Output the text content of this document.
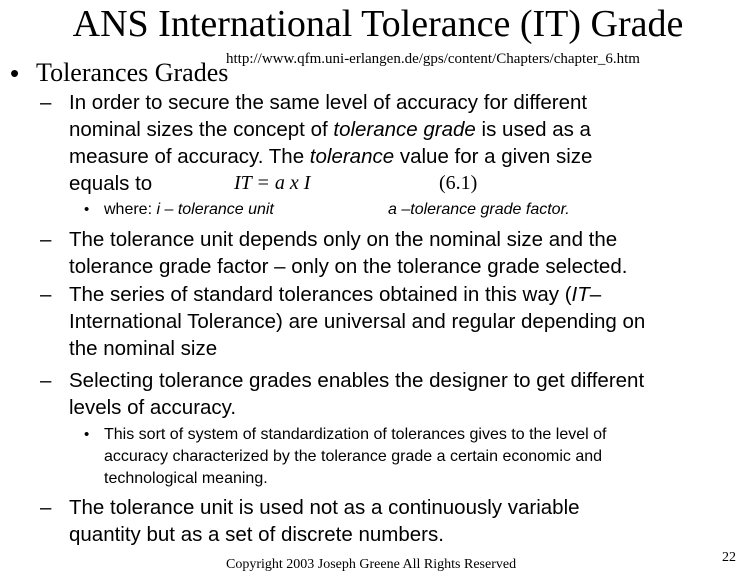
ANS International Tolerance (IT) Grade
http://www.qfm.uni-erlangen.de/gps/content/Chapters/chapter_6.htm
• Tolerances Grades
– In order to secure the same level of accuracy for different
nominal sizes the concept of tolerance grade is used as a
measure of accuracy. The tolerance value for a given size
equals to	IT = a x I	(6.1)
• where: i – tolerance unit	a –tolerance grade factor.
– The tolerance unit depends only on the nominal size and the
tolerance grade factor – only on the tolerance grade selected.
– The series of standard tolerances obtained in this way (IT–
International Tolerance) are universal and regular depending on
the nominal size
– Selecting tolerance grades enables the designer to get different
levels of accuracy.
• This sort of system of standardization of tolerances gives to the level of
accuracy characterized by the tolerance grade a certain economic and
technological meaning.
– The tolerance unit is used not as a continuously variable
quantity but as a set of discrete numbers.
Copyright 2003 Joseph Greene All Rights Reserved	22
